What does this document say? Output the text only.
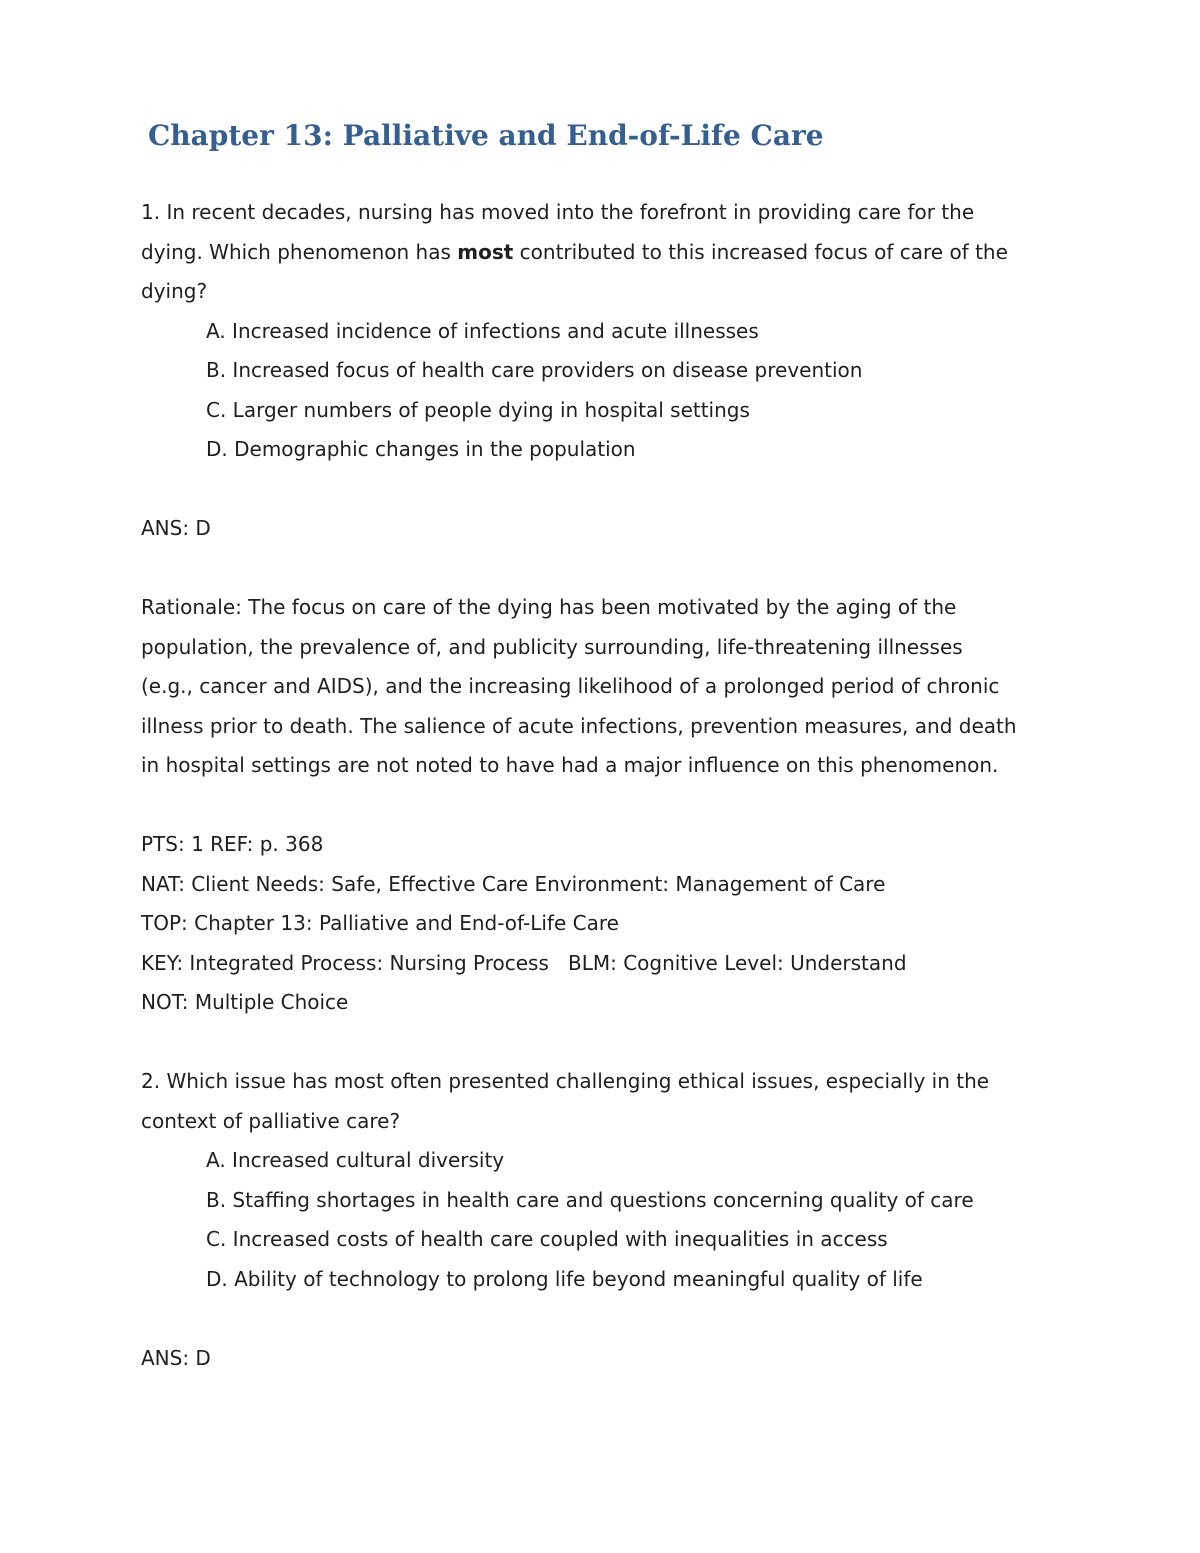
Chapter 13: Palliative and End-of-Life Care
1. In recent decades, nursing has moved into the forefront in providing care for the
dying. Which phenomenon has most contributed to this increased focus of care of the
dying?
A. Increased incidence of infections and acute illnesses
B. Increased focus of health care providers on disease prevention
C. Larger numbers of people dying in hospital settings
D. Demographic changes in the population
ANS: D
Rationale: The focus on care of the dying has been motivated by the aging of the
population, the prevalence of, and publicity surrounding, life-threatening illnesses
(e.g., cancer and AIDS), and the increasing likelihood of a prolonged period of chronic
illness prior to death. The salience of acute infections, prevention measures, and death
in hospital settings are not noted to have had a major influence on this phenomenon.
PTS: 1 REF: p. 368
NAT: Client Needs: Safe, Effective Care Environment: Management of Care
TOP: Chapter 13: Palliative and End-of-Life Care
KEY: Integrated Process: Nursing Process   BLM: Cognitive Level: Understand
NOT: Multiple Choice
2. Which issue has most often presented challenging ethical issues, especially in the
context of palliative care?
A. Increased cultural diversity
B. Staffing shortages in health care and questions concerning quality of care
C. Increased costs of health care coupled with inequalities in access
D. Ability of technology to prolong life beyond meaningful quality of life
ANS: D
